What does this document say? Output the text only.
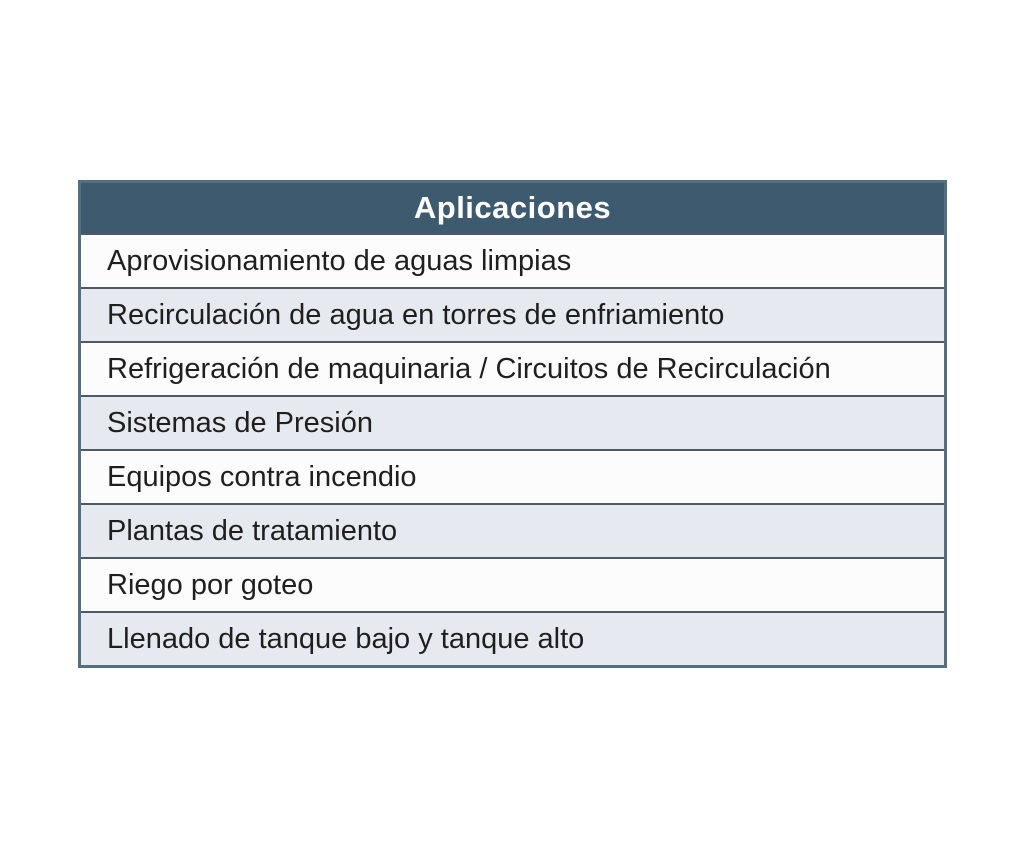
Aplicaciones
Aprovisionamiento de aguas limpias
Recirculación de agua en torres de enfriamiento
Refrigeración de maquinaria / Circuitos de Recirculación
Sistemas de Presión
Equipos contra incendio
Plantas de tratamiento
Riego por goteo
Llenado de tanque bajo y tanque alto
